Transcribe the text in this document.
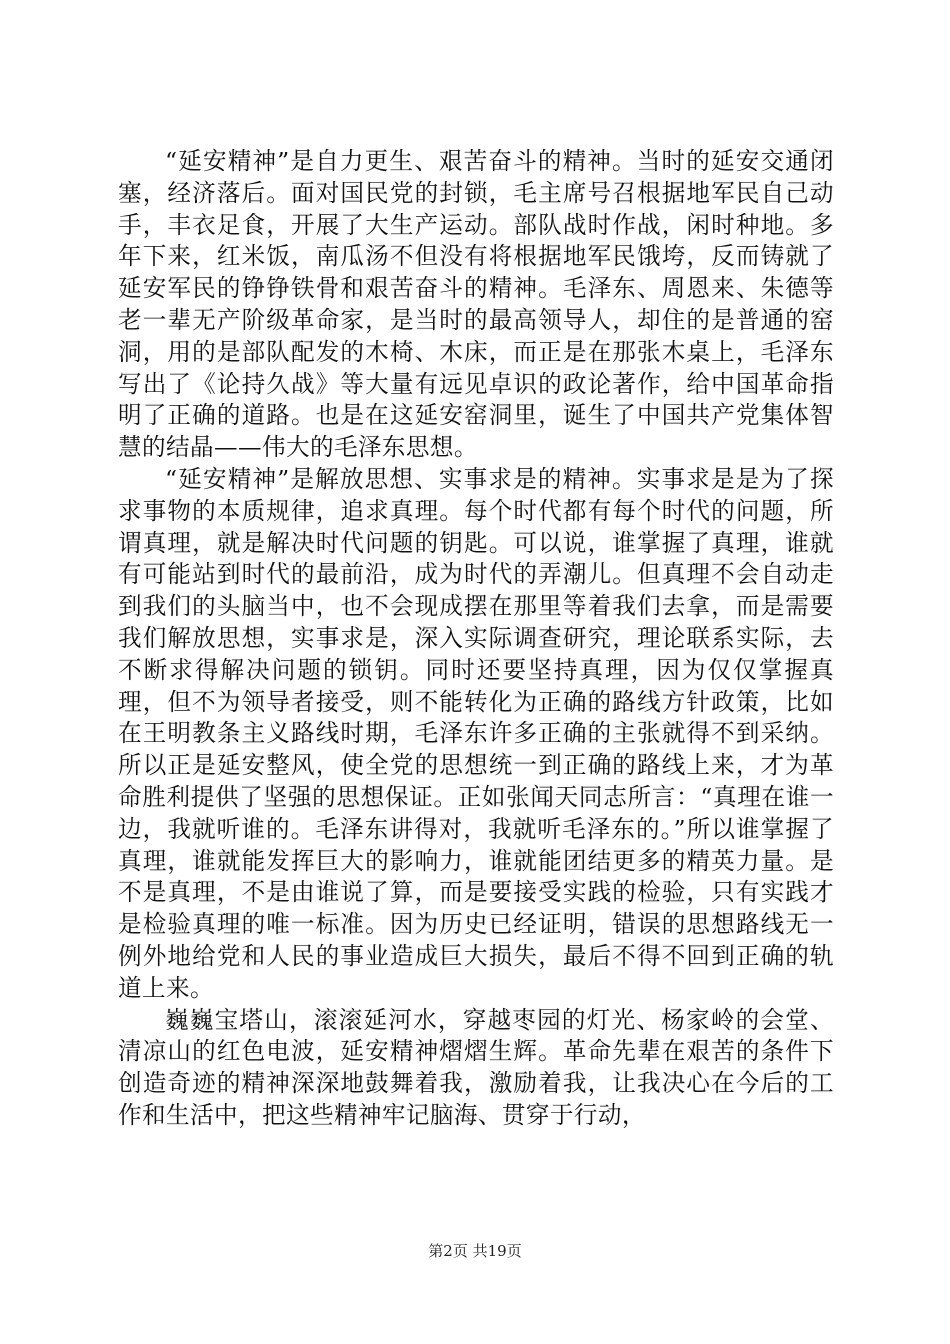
“延安精神”是自力更生、艰苦奋斗的精神。当时的延安交通闭塞，经济落后。面对国民党的封锁，毛主席号召根据地军民自己动手，丰衣足食，开展了大生产运动。部队战时作战，闲时种地。多年下来，红米饭，南瓜汤不但没有将根据地军民饿垮，反而铸就了延安军民的铮铮铁骨和艰苦奋斗的精神。毛泽东、周恩来、朱德等老一辈无产阶级革命家，是当时的最高领导人，却住的是普通的窑洞，用的是部队配发的木椅、木床，而正是在那张木桌上，毛泽东写出了《论持久战》等大量有远见卓识的政论著作，给中国革命指明了正确的道路。也是在这延安窑洞里，诞生了中国共产党集体智慧的结晶——伟大的毛泽东思想。

“延安精神”是解放思想、实事求是的精神。实事求是是为了探求事物的本质规律，追求真理。每个时代都有每个时代的问题，所谓真理，就是解决时代问题的钥匙。可以说，谁掌握了真理，谁就有可能站到时代的最前沿，成为时代的弄潮儿。但真理不会自动走到我们的头脑当中，也不会现成摆在那里等着我们去拿，而是需要我们解放思想，实事求是，深入实际调查研究，理论联系实际，去不断求得解决问题的锁钥。同时还要坚持真理，因为仅仅掌握真理，但不为领导者接受，则不能转化为正确的路线方针政策，比如在王明教条主义路线时期，毛泽东许多正确的主张就得不到采纳。所以正是延安整风，使全党的思想统一到正确的路线上来，才为革命胜利提供了坚强的思想保证。正如张闻天同志所言：“真理在谁一边，我就听谁的。毛泽东讲得对，我就听毛泽东的。”所以谁掌握了真理，谁就能发挥巨大的影响力，谁就能团结更多的精英力量。是不是真理，不是由谁说了算，而是要接受实践的检验，只有实践才是检验真理的唯一标准。因为历史已经证明，错误的思想路线无一例外地给党和人民的事业造成巨大损失，最后不得不回到正确的轨道上来。

巍巍宝塔山，滚滚延河水，穿越枣园的灯光、杨家岭的会堂、清凉山的红色电波，延安精神熠熠生辉。革命先辈在艰苦的条件下创造奇迹的精神深深地鼓舞着我，激励着我，让我决心在今后的工作和生活中，把这些精神牢记脑海、贯穿于行动，

第2页 共19页
